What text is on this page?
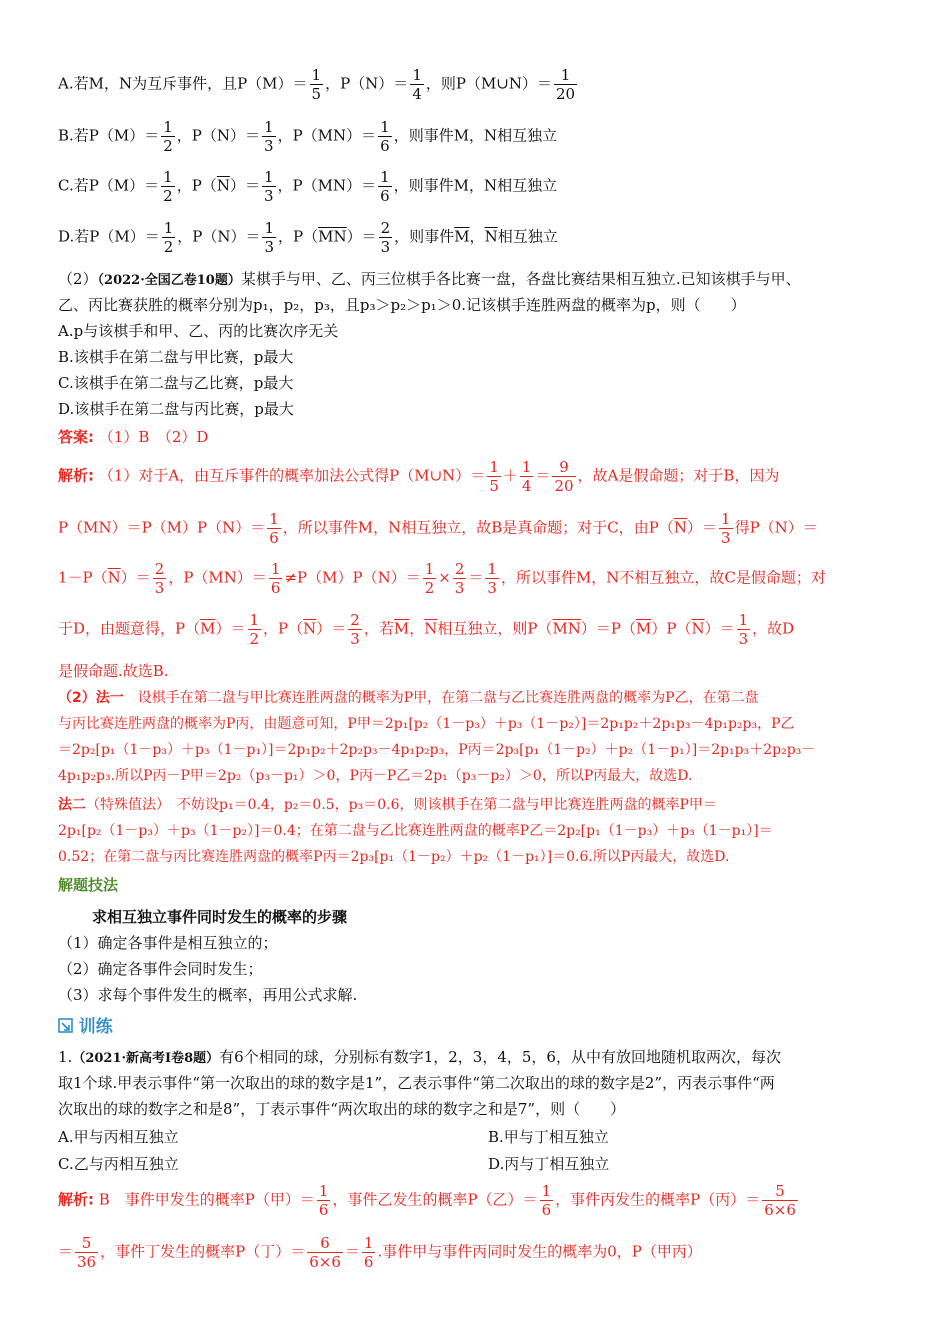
A.若M，N为互斥事件，且$P(M)= \frac{1}{5}$ ，$P(N)= \frac{1}{4}$ ，则P（M∪N）＝ $\frac{1}{20}$
B.若$P(M)= \frac{1}{2}$ ，$P(N)= \frac{1}{3}$ ，$P(MN)= \frac{1}{6}$ ，则事件M，N相互独立
C.若$P(M)= \frac{1}{2}$ ，$P(\overline{N})= \frac{1}{3}$ ，$P(MN)= \frac{1}{6}$ ，则事件M，N相互独立
D.若$P(M)= \frac{1}{2}$ ，$P(N)= \frac{1}{3}$ ，$P(\overline{M}\overline{N})= \frac{2}{3}$ ，则事件$\overline{M}$，$\overline{N}$相互独立
（2）（2022·全国乙卷10题）某棋手与甲、乙、丙三位棋手各比赛一盘，各盘比赛结果相互独立.已知该棋手与甲、
乙、丙比赛获胜的概率分别为p₁，p₂，p₃，且p₃＞p₂＞p₁＞0.记该棋手连胜两盘的概率为p，则（　　）
A.p与该棋手和甲、乙、丙的比赛次序无关
B.该棋手在第二盘与甲比赛，p最大
C.该棋手在第二盘与乙比赛，p最大
D.该棋手在第二盘与丙比赛，p最大
答案: （1）B　（2）D
解析: （1）对于A，由互斥事件的概率加法公式得P（M∪N）＝ $\frac{1}{5} + \frac{1}{4} = \frac{9}{20}$ ，故A是假命题；对于B，因为
$P(MN)=P(M)P(N)= \frac{1}{6}$ ，所以事件M，N相互独立，故B是真命题；对于C，由$P(\overline{N})= \frac{1}{3}$ 得P（N）＝
$1-P(\overline{N})= \frac{2}{3}$ ，$P(MN)= \frac{1}{6} \ne P(M)P(N)= \frac{1}{2} \times \frac{2}{3} = \frac{1}{3}$ ，所以事件M，N不相互独立，故C是假命题；对
于D，由题意得，$P(\overline{M})= \frac{1}{2}$ ，$P(\overline{N})= \frac{2}{3}$ ，若$\overline{M}$，$\overline{N}$相互独立，则$P(\overline{M}\overline{N})=P(\overline{M})P(\overline{N})= \frac{1}{3}$ ，故D
是假命题.故选B.
（2）法一　设棋手在第二盘与甲比赛连胜两盘的概率为P甲，在第二盘与乙比赛连胜两盘的概率为P乙，在第二盘
与丙比赛连胜两盘的概率为P丙，由题意可知，P甲＝2p₁[p₂（1－p₃）＋p₃（1－p₂）]＝2p₁p₂＋2p₁p₃－4p₁p₂p₃，P乙
＝2p₂[p₁（1－p₃）＋p₃（1－p₁）]＝2p₁p₂＋2p₂p₃－4p₁p₂p₃，P丙＝2p₃[p₁（1－p₂）＋p₂（1－p₁）]＝2p₁p₃＋2p₂p₃－
4p₁p₂p₃.所以P丙－P甲＝2p₂（p₃－p₁）＞0，P丙－P乙＝2p₁（p₃－p₂）＞0，所以P丙最大，故选D.
法二（特殊值法）　不妨设p₁＝0.4，p₂＝0.5，p₃＝0.6，则该棋手在第二盘与甲比赛连胜两盘的概率P甲＝
2p₁[p₂（1－p₃）＋p₃（1－p₂）]＝0.4；在第二盘与乙比赛连胜两盘的概率P乙＝2p₂[p₁（1－p₃）＋p₃（1－p₁）]＝
0.52；在第二盘与丙比赛连胜两盘的概率P丙＝2p₃[p₁（1－p₂）＋p₂（1－p₁）]＝0.6.所以P丙最大，故选D.
解题技法
求相互独立事件同时发生的概率的步骤
（1）确定各事件是相互独立的；
（2）确定各事件会同时发生；
（3）求每个事件发生的概率，再用公式求解.
训练
1.（2021·新高考Ⅰ卷8题）有6个相同的球，分别标有数字1，2，3，4，5，6，从中有放回地随机取两次，每次
取1个球.甲表示事件“第一次取出的球的数字是1”，乙表示事件“第二次取出的球的数字是2”，丙表示事件“两
次取出的球的数字之和是8”，丁表示事件“两次取出的球的数字之和是7”，则（　　）
A.甲与丙相互独立	B.甲与丁相互独立
C.乙与丙相互独立	D.丙与丁相互独立
解析: B　事件甲发生的概率P（甲）＝ $\frac{1}{6}$ ，事件乙发生的概率P（乙）＝ $\frac{1}{6}$ ，事件丙发生的概率P（丙）＝ $\frac{5}{6\times 6}$
＝ $\frac{5}{36}$ ，事件丁发生的概率P（丁）＝ $\frac{6}{6\times 6} = \frac{1}{6}$ .事件甲与事件丙同时发生的概率为0，P（甲丙）
